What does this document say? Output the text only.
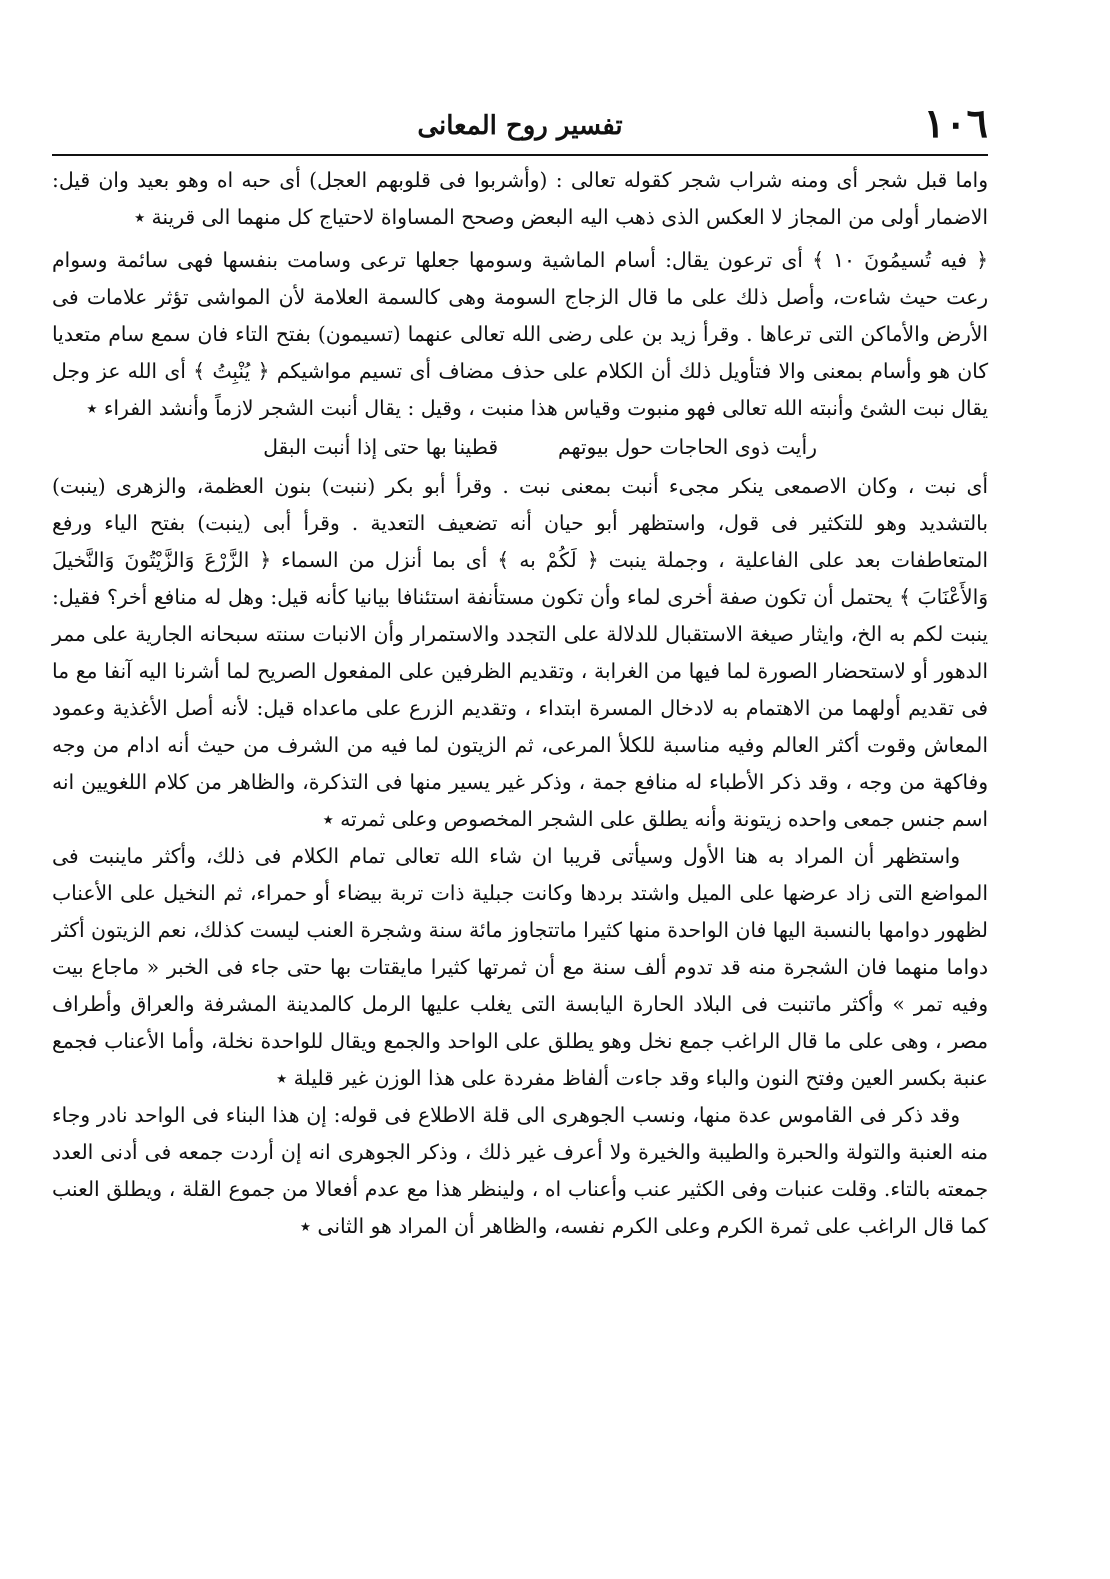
١٠٦
تفسير روح المعانى

واما قبل شجر أى ومنه شراب شجر كقوله تعالى : (وأشربوا فى قلوبهم العجل) أى حبه اه وهو بعيد وان قيل: الاضمار أولى من المجاز لا العكس الذى ذهب اليه البعض وصحح المساواة لاحتياج كل منهما الى قرينة ٭

﴿ فيه تُسيمُونَ ١٠ ﴾ أى ترعون يقال: أسام الماشية وسومها جعلها ترعى وسامت بنفسها فهى سائمة وسوام رعت حيث شاءت، وأصل ذلك على ما قال الزجاج السومة وهى كالسمة العلامة لأن المواشى تؤثر علامات فى الأرض والأماكن التى ترعاها . وقرأ زيد بن على رضى الله تعالى عنهما (تسيمون) بفتح التاء فان سمع سام متعديا كان هو وأسام بمعنى والا فتأويل ذلك أن الكلام على حذف مضاف أى تسيم مواشيكم ﴿ يُنْبِتُ ﴾ أى الله عز وجل يقال نبت الشئ وأنبته الله تعالى فهو منبوت وقياس هذا منبت ، وقيل : يقال أنبت الشجر لازماً وأنشد الفراء ٭

رأيت ذوى الحاجات حول بيوتهم
قطينا بها حتى إذا أنبت البقل

أى نبت ، وكان الاصمعى ينكر مجىء أنبت بمعنى نبت . وقرأ أبو بكر (ننبت) بنون العظمة، والزهرى (ينبت) بالتشديد وهو للتكثير فى قول، واستظهر أبو حيان أنه تضعيف التعدية . وقرأ أبى (ينبت) بفتح الياء ورفع المتعاطفات بعد على الفاعلية ، وجملة ينبت ﴿ لَكُمْ به ﴾ أى بما أنزل من السماء ﴿ الزَّرْعَ وَالزَّيْتُونَ وَالنَّخيلَ وَالأَعْنَابَ ﴾ يحتمل أن تكون صفة أخرى لماء وأن تكون مستأنفة استئنافا بيانيا كأنه قيل: وهل له منافع أخر؟ فقيل: ينبت لكم به الخ، وايثار صيغة الاستقبال للدلالة على التجدد والاستمرار وأن الانبات سنته سبحانه الجارية على ممر الدهور أو لاستحضار الصورة لما فيها من الغرابة ، وتقديم الظرفين على المفعول الصريح لما أشرنا اليه آنفا مع ما فى تقديم أولهما من الاهتمام به لادخال المسرة ابتداء ، وتقديم الزرع على ماعداه قيل: لأنه أصل الأغذية وعمود المعاش وقوت أكثر العالم وفيه مناسبة للكلأ المرعى، ثم الزيتون لما فيه من الشرف من حيث أنه ادام من وجه وفاكهة من وجه ، وقد ذكر الأطباء له منافع جمة ، وذكر غير يسير منها فى التذكرة، والظاهر من كلام اللغويين انه اسم جنس جمعى واحده زيتونة وأنه يطلق على الشجر المخصوص وعلى ثمرته ٭

واستظهر أن المراد به هنا الأول وسيأتى قريبا ان شاء الله تعالى تمام الكلام فى ذلك، وأكثر ماينبت فى المواضع التى زاد عرضها على الميل واشتد بردها وكانت جبلية ذات تربة بيضاء أو حمراء، ثم النخيل على الأعناب لظهور دوامها بالنسبة اليها فان الواحدة منها كثيرا ماتتجاوز مائة سنة وشجرة العنب ليست كذلك، نعم الزيتون أكثر دواما منهما فان الشجرة منه قد تدوم ألف سنة مع أن ثمرتها كثيرا مايقتات بها حتى جاء فى الخبر « ماجاع بيت وفيه تمر » وأكثر ماتنبت فى البلاد الحارة اليابسة التى يغلب عليها الرمل كالمدينة المشرفة والعراق وأطراف مصر ، وهى على ما قال الراغب جمع نخل وهو يطلق على الواحد والجمع ويقال للواحدة نخلة، وأما الأعناب فجمع عنبة بكسر العين وفتح النون والباء وقد جاءت ألفاظ مفردة على هذا الوزن غير قليلة ٭

وقد ذكر فى القاموس عدة منها، ونسب الجوهرى الى قلة الاطلاع فى قوله: إن هذا البناء فى الواحد نادر وجاء منه العنبة والتولة والحبرة والطيبة والخيرة ولا أعرف غير ذلك ، وذكر الجوهرى انه إن أردت جمعه فى أدنى العدد جمعته بالتاء. وقلت عنبات وفى الكثير عنب وأعناب اه ، ولينظر هذا مع عدم أفعالا من جموع القلة ، ويطلق العنب كما قال الراغب على ثمرة الكرم وعلى الكرم نفسه، والظاهر أن المراد هو الثانى ٭
